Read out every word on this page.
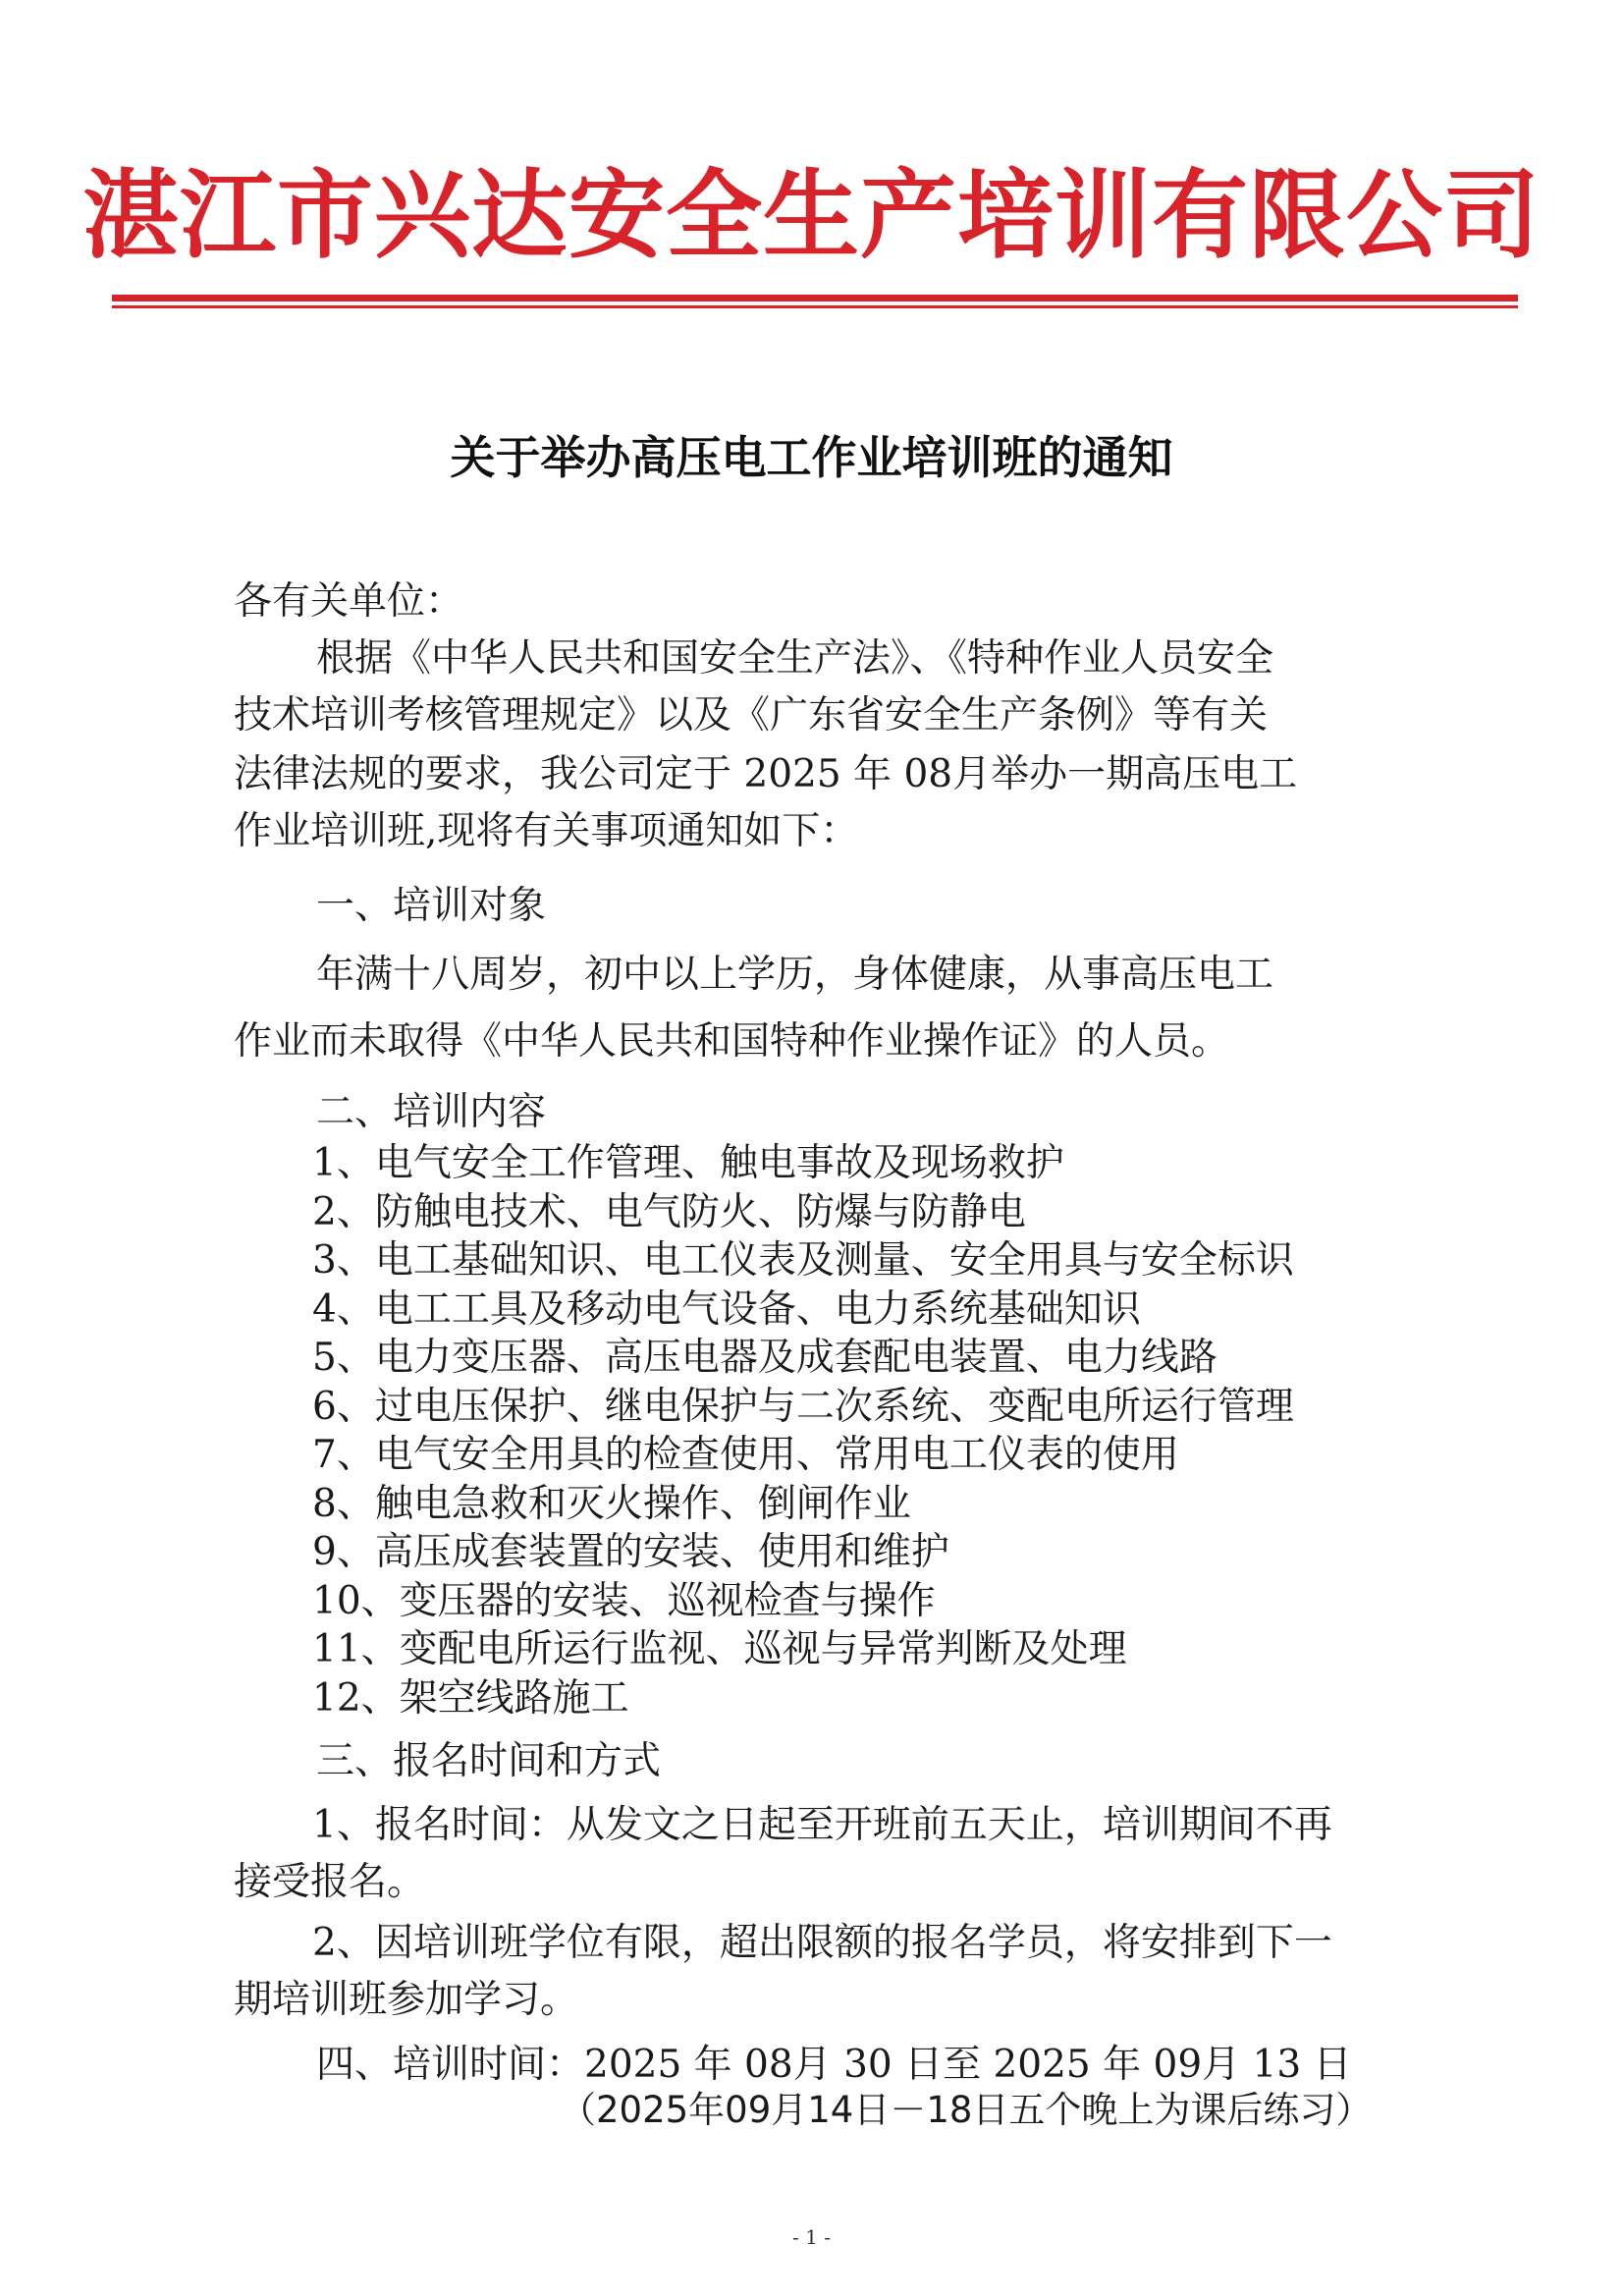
湛江市兴达安全生产培训有限公司
关于举办高压电工作业培训班的通知
各有关单位：
根据《中华人民共和国安全生产法》、《特种作业人员安全
技术培训考核管理规定》以及《广东省安全生产条例》等有关
法律法规的要求，我公司定于 2025 年 08月举办一期高压电工
作业培训班,现将有关事项通知如下：
一、培训对象
年满十八周岁，初中以上学历，身体健康，从事高压电工
作业而未取得《中华人民共和国特种作业操作证》的人员。
二、培训内容
1、电气安全工作管理、触电事故及现场救护
2、防触电技术、电气防火、防爆与防静电
3、电工基础知识、电工仪表及测量、安全用具与安全标识
4、电工工具及移动电气设备、电力系统基础知识
5、电力变压器、高压电器及成套配电装置、电力线路
6、过电压保护、继电保护与二次系统、变配电所运行管理
7、电气安全用具的检查使用、常用电工仪表的使用
8、触电急救和灭火操作、倒闸作业
9、高压成套装置的安装、使用和维护
10、变压器的安装、巡视检查与操作
11、变配电所运行监视、巡视与异常判断及处理
12、架空线路施工
三、报名时间和方式
1、报名时间：从发文之日起至开班前五天止，培训期间不再
接受报名。
2、因培训班学位有限，超出限额的报名学员，将安排到下一
期培训班参加学习。
四、培训时间：2025 年 08月 30 日至 2025 年 09月 13 日
（2025年09月14日－18日五个晚上为课后练习）
- 1 -
